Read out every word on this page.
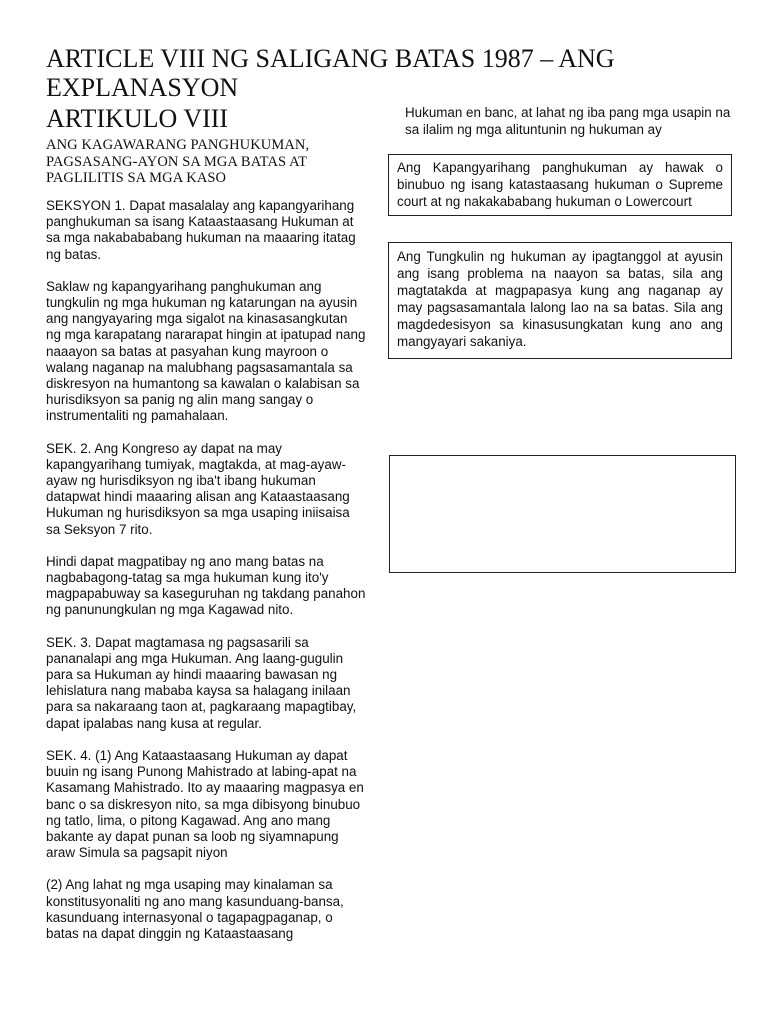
ARTICLE VIII NG SALIGANG BATAS 1987 – ANG EXPLANASYON
ARTIKULO VIII
ANG KAGAWARANG PANGHUKUMAN, PAGSASANG-AYON SA MGA BATAS AT PAGLILITIS SA MGA KASO

SEKSYON 1. Dapat masalalay ang kapangyarihang panghukuman sa isang Kataastaasang Hukuman at sa mga nakabababang hukuman na maaaring itatag ng batas.

Saklaw ng kapangyarihang panghukuman ang tungkulin ng mga hukuman ng katarungan na ayusin ang nangyayaring mga sigalot na kinasasangkutan ng mga karapatang nararapat hingin at ipatupad nang naaayon sa batas at pasyahan kung mayroon o walang naganap na malubhang pagsasamantala sa diskresyon na humantong sa kawalan o kalabisan sa hurisdiksyon sa panig ng alin mang sangay o instrumentaliti ng pamahalaan.

SEK. 2. Ang Kongreso ay dapat na may kapangyarihang tumiyak, magtakda, at mag-ayaw-ayaw ng hurisdiksyon ng iba't ibang hukuman datapwat hindi maaaring alisan ang Kataastaasang Hukuman ng hurisdiksyon sa mga usaping iniisaisa sa Seksyon 7 rito.

Hindi dapat magpatibay ng ano mang batas na nagbabagong-tatag sa mga hukuman kung ito'y magpapabuway sa kaseguruhan ng takdang panahon ng panunungkulan ng mga Kagawad nito.

SEK. 3. Dapat magtamasa ng pagsasarili sa pananalapi ang mga Hukuman. Ang laang-gugulin para sa Hukuman ay hindi maaaring bawasan ng lehislatura nang mababa kaysa sa halagang inilaan para sa nakaraang taon at, pagkaraang mapagtibay, dapat ipalabas nang kusa at regular.

SEK. 4. (1) Ang Kataastaasang Hukuman ay dapat buuin ng isang Punong Mahistrado at labing-apat na Kasamang Mahistrado. Ito ay maaaring magpasya en banc o sa diskresyon nito, sa mga dibisyong binubuo ng tatlo, lima, o pitong Kagawad. Ang ano mang bakante ay dapat punan sa loob ng siyamnapung araw Simula sa pagsapit niyon

(2) Ang lahat ng mga usaping may kinalaman sa konstitusyonaliti ng ano mang kasunduang-bansa, kasunduang internasyonal o tagapagpaganap, o batas na dapat dinggin ng Kataastaasang

Hukuman en banc, at lahat ng iba pang mga usapin na sa ilalim ng mga alituntunin ng hukuman ay

Ang Kapangyarihang panghukuman ay hawak o binubuo ng isang katastaasang hukuman o Supreme court at ng nakakababang hukuman o Lowercourt

Ang Tungkulin ng hukuman ay ipagtanggol at ayusin ang isang problema na naayon sa batas, sila ang magtatakda at magpapasya kung ang naganap ay may pagsasamantala lalong lao na sa batas. Sila ang magdedesisyon sa kinasusungkatan kung ano ang mangyayari sakaniya.
